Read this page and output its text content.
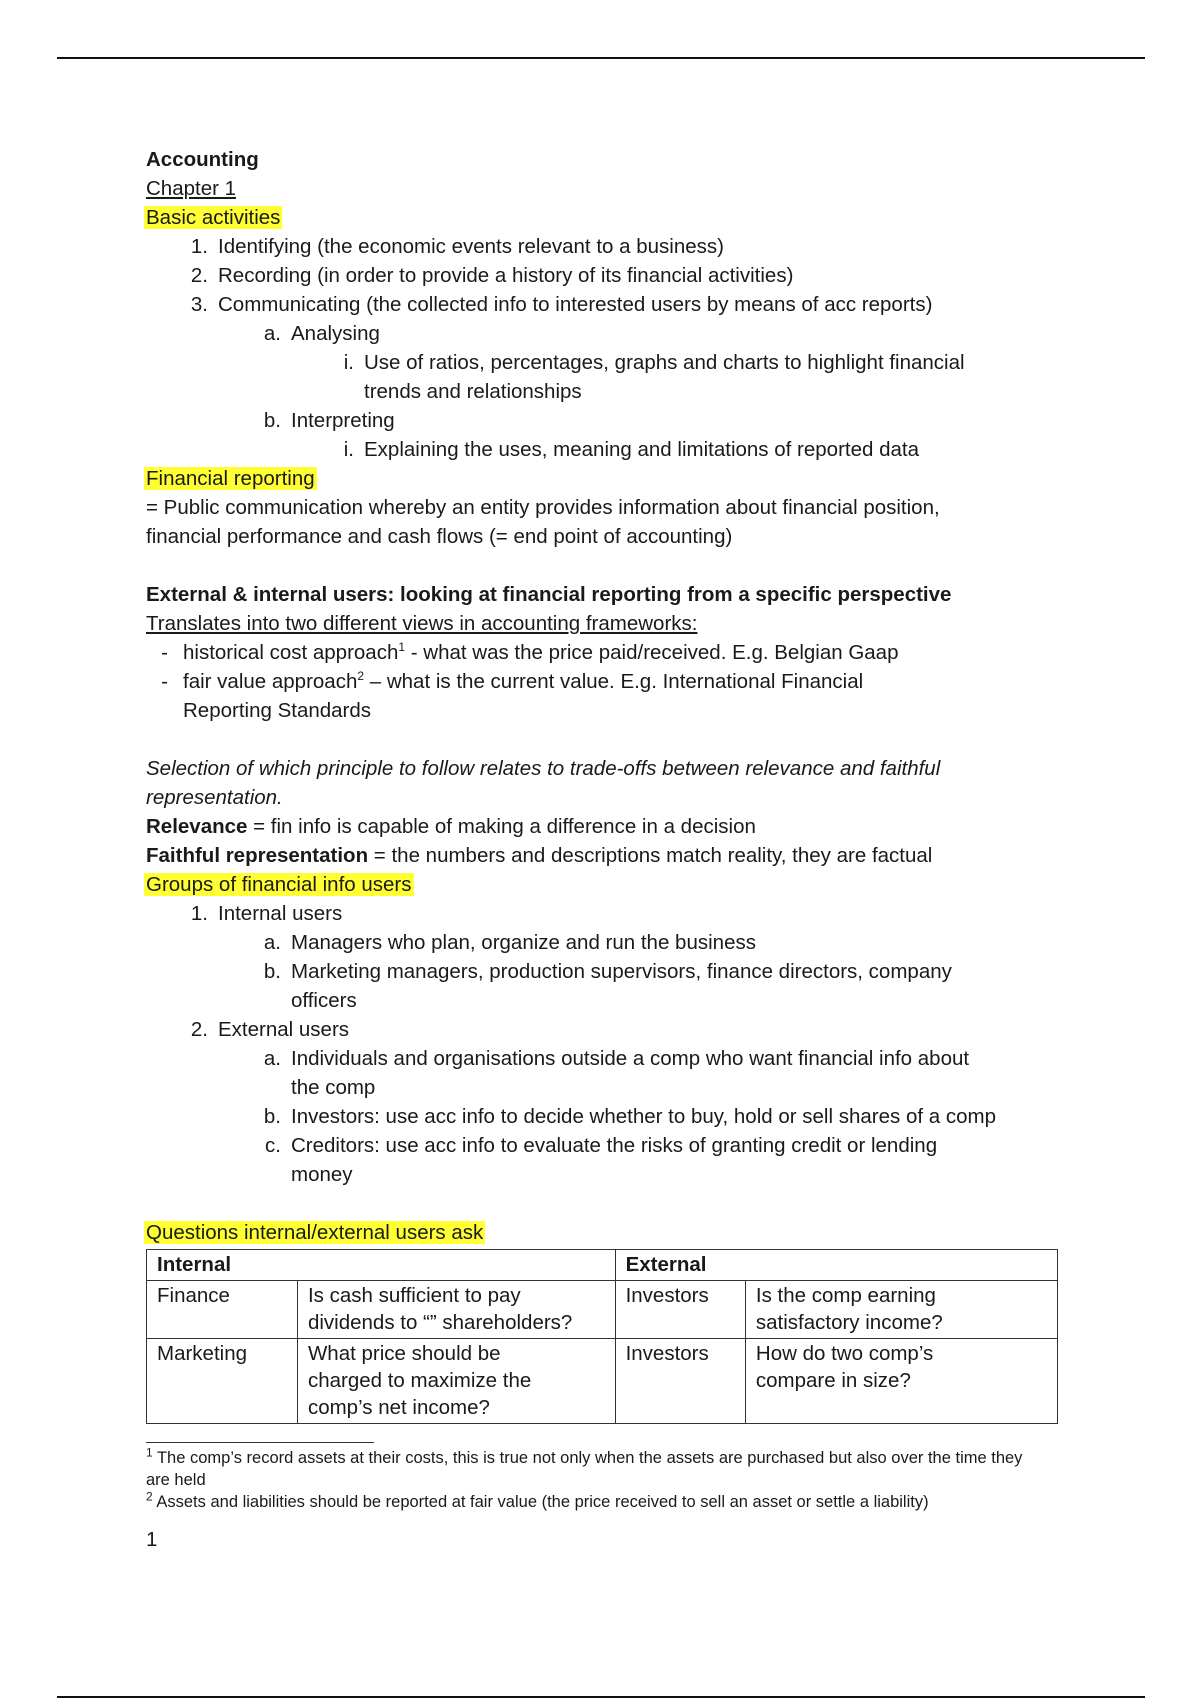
Accounting
Chapter 1
Basic activities
1. Identifying (the economic events relevant to a business)
2. Recording (in order to provide a history of its financial activities)
3. Communicating (the collected info to interested users by means of acc reports)
a. Analysing
i. Use of ratios, percentages, graphs and charts to highlight financial
trends and relationships
b. Interpreting
i. Explaining the uses, meaning and limitations of reported data
Financial reporting
= Public communication whereby an entity provides information about financial position,
financial performance and cash flows (= end point of accounting)
External & internal users: looking at financial reporting from a specific perspective
Translates into two different views in accounting frameworks:
- historical cost approach$^1$ - what was the price paid/received. E.g. Belgian Gaap
- fair value approach$^2$ – what is the current value. E.g. International Financial
Reporting Standards
Selection of which principle to follow relates to trade-offs between relevance and faithful
representation.
Relevance = fin info is capable of making a difference in a decision
Faithful representation = the numbers and descriptions match reality, they are factual
Groups of financial info users
1. Internal users
a. Managers who plan, organize and run the business
b. Marketing managers, production supervisors, finance directors, company
officers
2. External users
a. Individuals and organisations outside a comp who want financial info about
the comp
b. Investors: use acc info to decide whether to buy, hold or sell shares of a comp
c. Creditors: use acc info to evaluate the risks of granting credit or lending
money
Questions internal/external users ask
Internal		External	
Finance	Is cash sufficient to pay
dividends to “” shareholders?	Investors	Is the comp earning
satisfactory income?

Marketing	What price should be
charged to maximize the
comp’s net income?	Investors	How do two comp’s
compare in size?
$^1$ The comp’s record assets at their costs, this is true not only when the assets are purchased but also over the time they are held
$^2$ Assets and liabilities should be reported at fair value (the price received to sell an asset or settle a liability)
1
